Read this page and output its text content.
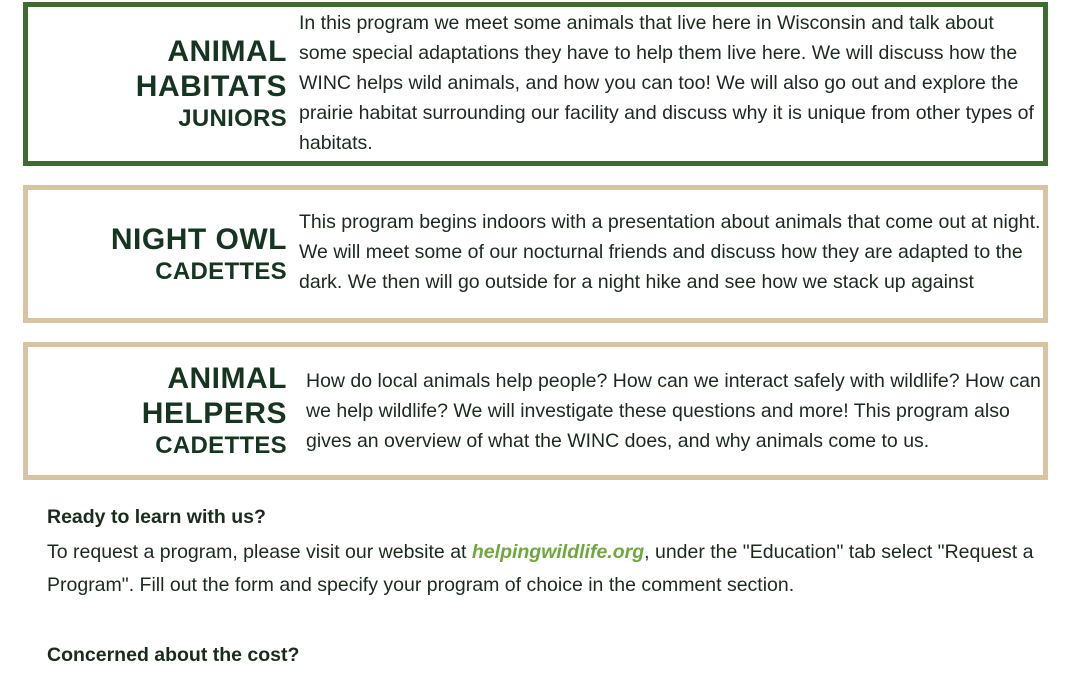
ANIMAL
HABITATS
JUNIORS
In this program we meet some animals that live here in Wisconsin and talk about some special adaptations they have to help them live here. We will discuss how the WINC helps wild animals, and how you can too! We will also go out and explore the prairie habitat surrounding our facility and discuss why it is unique from other types of habitats.
NIGHT OWL
CADETTES
This program begins indoors with a presentation about animals that come out at night. We will meet some of our nocturnal friends and discuss how they are adapted to the dark. We then will go outside for a night hike and see how we stack up against
ANIMAL
HELPERS
CADETTES
How do local animals help people? How can we interact safely with wildlife? How can we help wildlife? We will investigate these questions and more! This program also gives an overview of what the WINC does, and why animals come to us.
Ready to learn with us?
To request a program, please visit our website at helpingwildlife.org, under the "Education" tab select "Request a Program". Fill out the form and specify your program of choice in the comment section.
Concerned about the cost?
